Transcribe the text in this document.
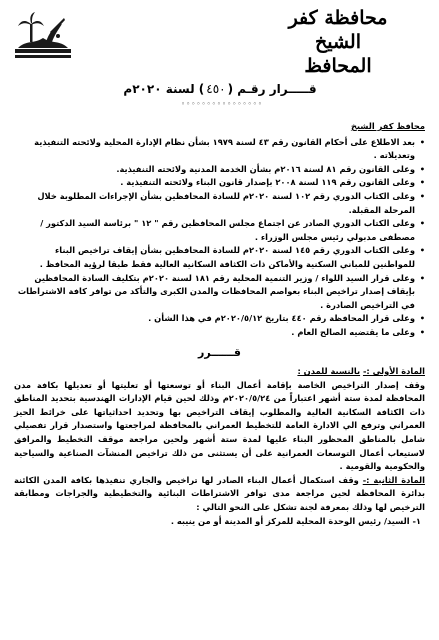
محافظة كفر الشيخ
المحافظ
قـــــرار رقـم (٤٥٠) لسنة ٢٠٢٠م
◦◦◦◦◦◦◦◦◦◦◦◦◦◦◦◦
محافظ كفر الشيخ
• بعد الاطلاع على أحكام القانون رقم ٤٣ لسنة ١٩٧٩ بشأن نظام الإدارة المحلية ولائحته التنفيذية وتعديلاته .
• وعلى القانون رقم ٨١ لسنة ٢٠١٦م بشأن الخدمة المدنية ولائحته التنفيذية.
• وعلى القانون رقم ١١٩ لسنة ٢٠٠٨ بإصدار قانون البناء ولائحته التنفيذية .
• وعلى الكتاب الدوري رقم ١٠٢ لسنة ٢٠٢٠م للسادة المحافظين بشأن الإجراءات المطلوبة خلال المرحلة المقبلة.
• وعلى الكتاب الدوري الصادر عن اجتماع مجلس المحافظين رقم " ١٢ " برئاسة السيد الدكتور / مصطفى مدبولي رئيس مجلس الوزراء .
• وعلى الكتاب الدوري رقم ١٤٥ لسنة ٢٠٢٠م للسادة المحافظين بشأن إيقاف تراخيص البناء للمواطنين للمباني السكنية والأماكن ذات الكثافة السكانية العالية فقط طبقا لرؤية المحافظ .
• وعلى قرار السيد اللواء / وزير التنمية المحلية رقم ١٨١ لسنة ٢٠٢٠م بتكليف السادة المحافظين بإيقاف إصدار تراخيص البناء بعواصم المحافظات والمدن الكبرى والتأكد من توافر كافة الاشتراطات في التراخيص الصادرة .
• وعلى قرار المحافظة رقم ٤٤٠ بتاريخ ٢٠٢٠/٥/١٢م في هذا الشأن .
• وعلى ما يقتضيه الصالح العام .
قــــــرر
المادة الأولى :- بالنسبة للمدن :
وقف إصدار التراخيص الخاصة بإقامة أعمال البناء أو توسعتها أو تعليتها أو تعديلها بكافة مدن المحافظة لمدة ستة أشهر اعتباراً من ٢٠٢٠/٥/٢٤م وذلك لحين قيام الإدارات الهندسية بتحديد المناطق ذات الكثافة السكانية العالية والمطلوب إيقاف التراخيص بها وتحديد احداثياتها على خرائط الحيز العمراني وترفع الي الادارة العامة للتخطيط العمراني بالمحافظة لمراجعتها واستصدار قرار تفصيلي شامل بالمناطق المحظور البناء عليها لمدة ستة أشهر ولحين مراجعة موقف التخطيط والمرافق لاستيعاب أعمال التوسعات العمرانية على أن يستثنى من ذلك تراخيص المنشآت الصناعية والسياحية والحكومية والقومية .
المادة الثانية :- وقف استكمال أعمال البناء الصادر لها تراخيص والجاري تنفيذها بكافة المدن الكائنة بدائرة المحافظة لحين مراجعة مدى توافر الاشتراطات البنائية والتخطيطية والجراجات ومطابقة الترخيص لها وذلك بمعرفة لجنة تشكل على النحو التالي :
١- السيد/ رئيس الوحدة المحلية للمركز أو المدينة أو من ينيبه .
